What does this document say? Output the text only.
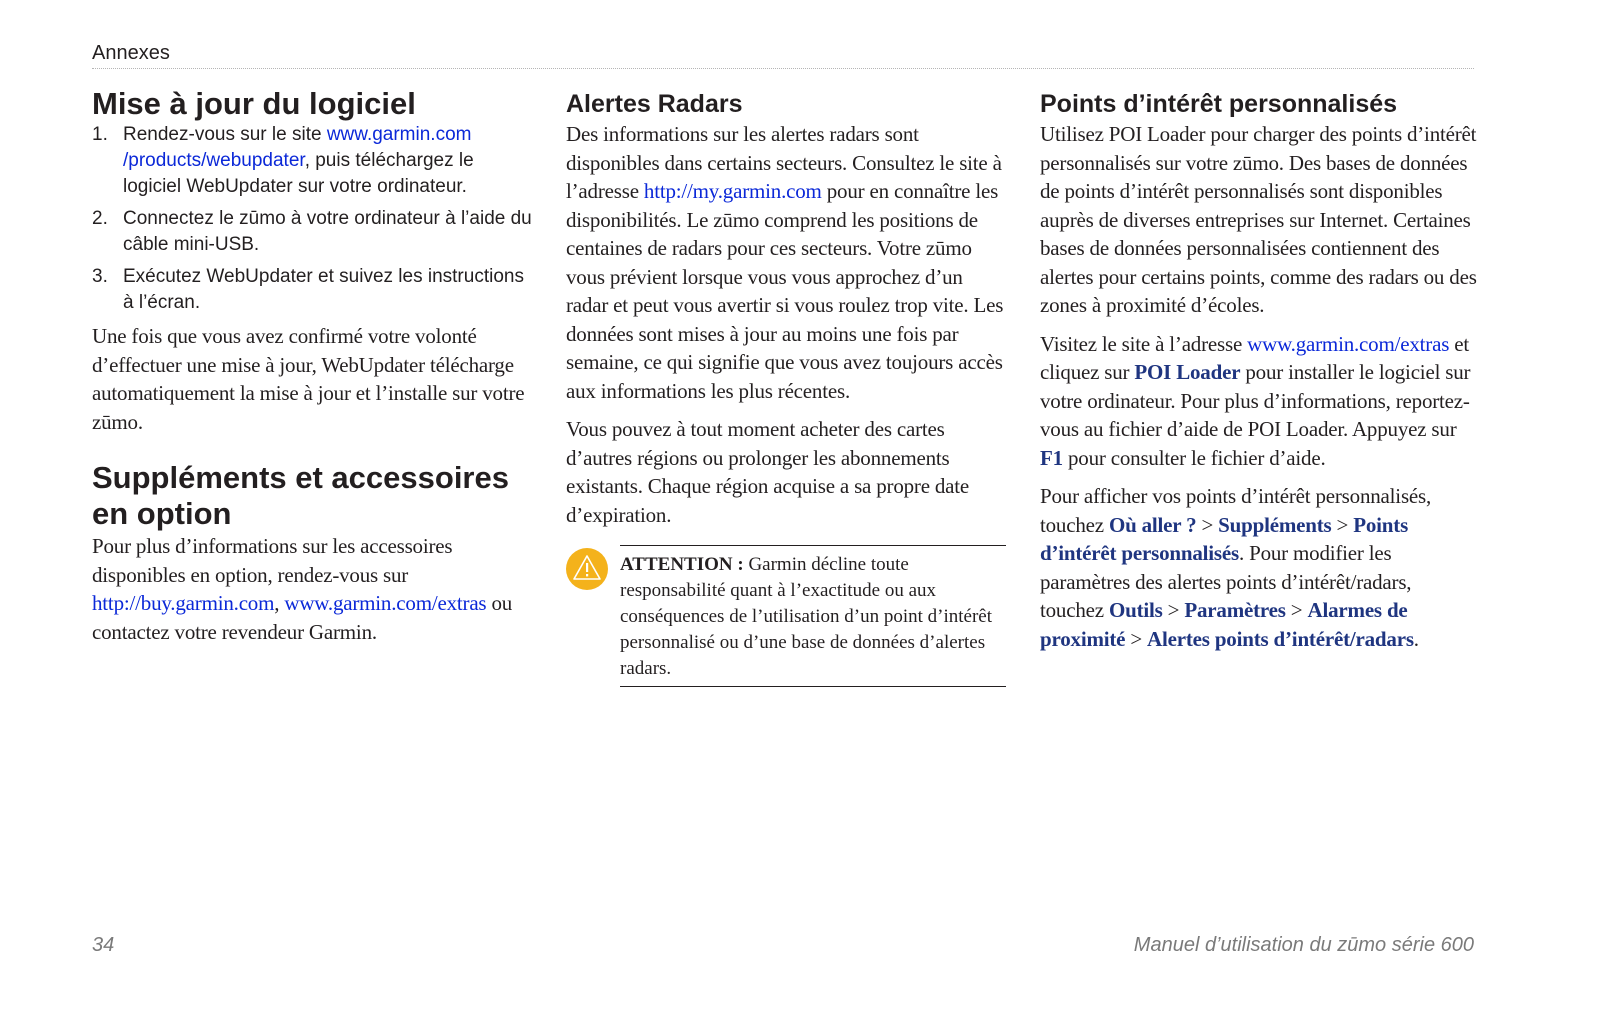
Annexes
Mise à jour du logiciel
1. Rendez-vous sur le site www.garmin.com
/products/webupdater, puis téléchargez le logiciel WebUpdater sur votre ordinateur.
2. Connectez le zūmo à votre ordinateur à l’aide du câble mini-USB.
3. Exécutez WebUpdater et suivez les instructions à l’écran.

Une fois que vous avez confirmé votre volonté d’effectuer une mise à jour, WebUpdater télécharge automatiquement la mise à jour et l’installe sur votre zūmo.

Suppléments et accessoires en option

Pour plus d’informations sur les accessoires disponibles en option, rendez-vous sur http://buy.garmin.com, www.garmin.com/extras ou contactez votre revendeur Garmin.

Alertes Radars

Des informations sur les alertes radars sont disponibles dans certains secteurs. Consultez le site à l’adresse http://my.garmin.com pour en connaître les disponibilités. Le zūmo comprend les positions de centaines de radars pour ces secteurs. Votre zūmo vous prévient lorsque vous vous approchez d’un radar et peut vous avertir si vous roulez trop vite. Les données sont mises à jour au moins une fois par semaine, ce qui signifie que vous avez toujours accès aux informations les plus récentes.

Vous pouvez à tout moment acheter des cartes d’autres régions ou prolonger les abonnements existants. Chaque région acquise a sa propre date d’expiration.

ATTENTION : Garmin décline toute responsabilité quant à l’exactitude ou aux conséquences de l’utilisation d’un point d’intérêt personnalisé ou d’une base de données d’alertes radars.
Points d’intérêt personnalisés

Utilisez POI Loader pour charger des points d’intérêt personnalisés sur votre zūmo. Des bases de données de points d’intérêt personnalisés sont disponibles auprès de diverses entreprises sur Internet. Certaines bases de données personnalisées contiennent des alertes pour certains points, comme des radars ou des zones à proximité d’écoles.

Visitez le site à l’adresse www.garmin.com/extras et cliquez sur POI Loader pour installer le logiciel sur votre ordinateur. Pour plus d’informations, reportez-vous au fichier d’aide de POI Loader. Appuyez sur F1 pour consulter le fichier d’aide.

Pour afficher vos points d’intérêt personnalisés, touchez Où aller ? > Suppléments > Points d’intérêt personnalisés. Pour modifier les paramètres des alertes points d’intérêt/radars, touchez Outils > Paramètres > Alarmes de proximité > Alertes points d’intérêt/radars.

34	Manuel d’utilisation du zūmo série 600
